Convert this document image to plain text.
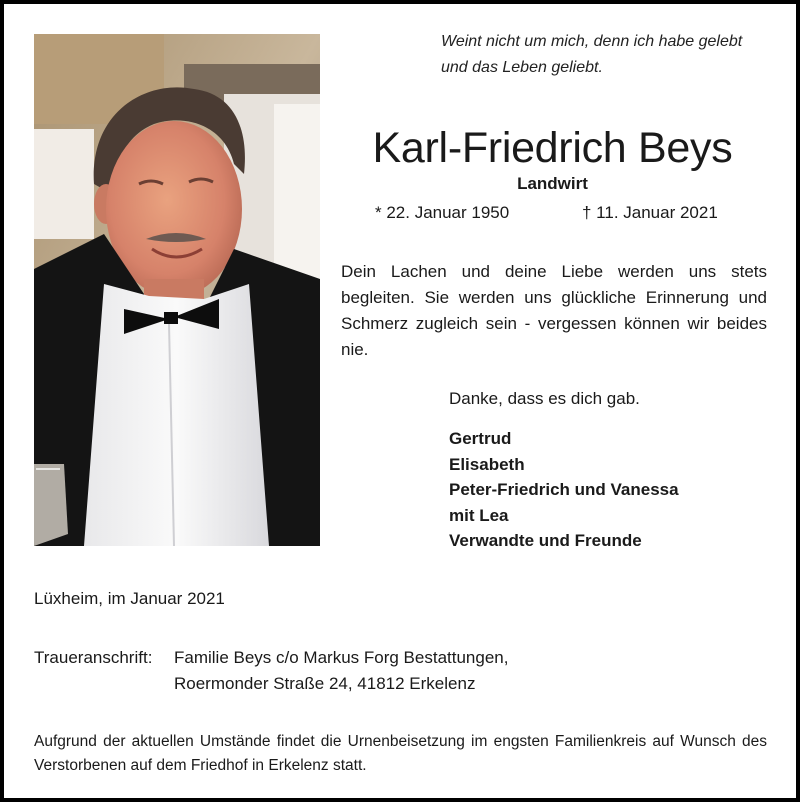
Weint nicht um mich, denn ich habe gelebt
und das Leben geliebt.
Karl-Friedrich Beys
Landwirt
* 22. Januar 1950	† 11. Januar 2021
Dein Lachen und deine Liebe werden uns stets begleiten. Sie werden uns glückliche Erinnerung und Schmerz zugleich sein - vergessen können wir beides nie.
Danke, dass es dich gab.
Gertrud
Elisabeth
Peter-Friedrich und Vanessa
mit Lea
Verwandte und Freunde
Lüxheim, im Januar 2021
Traueranschrift: Familie Beys c/o Markus Forg Bestattungen,
Roermonder Straße 24, 41812 Erkelenz
Aufgrund der aktuellen Umstände findet die Urnenbeisetzung im engsten Familienkreis auf Wunsch des Verstorbenen auf dem Friedhof in Erkelenz statt.
